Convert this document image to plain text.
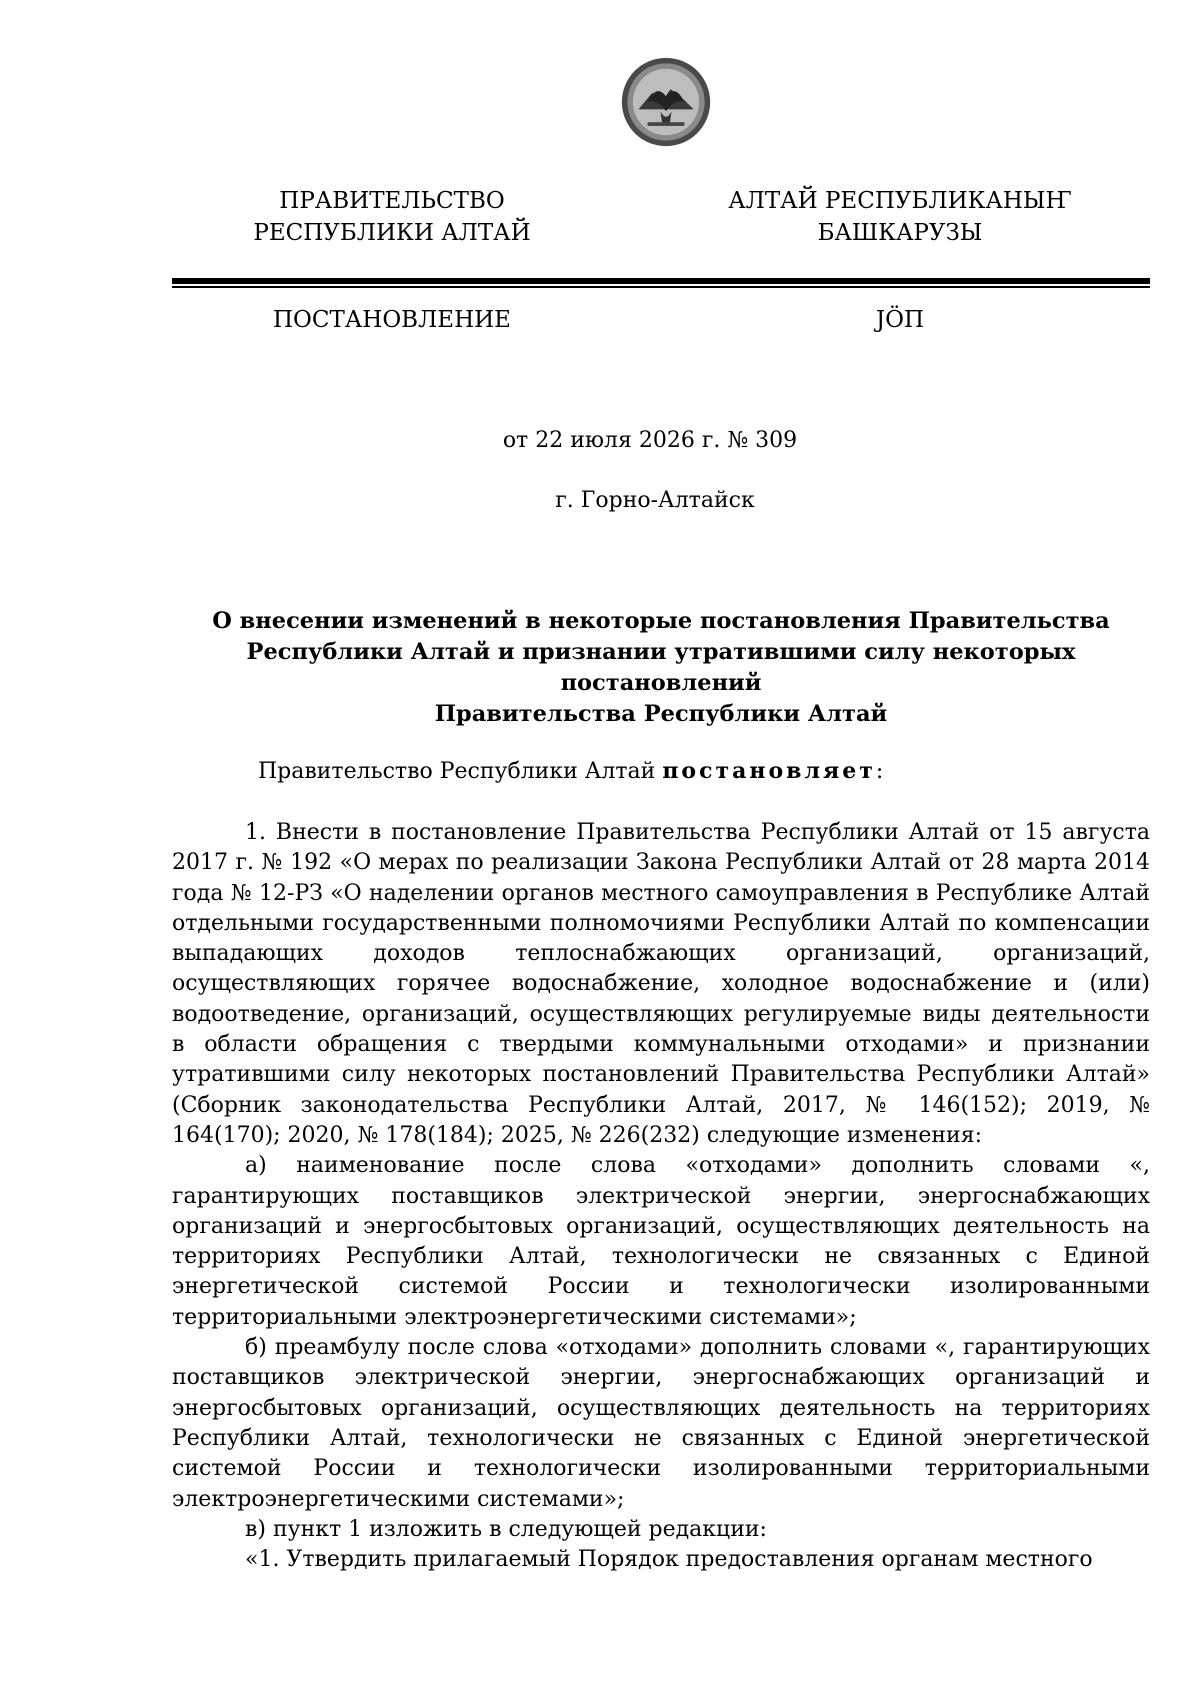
ПРАВИТЕЛЬСТВО
РЕСПУБЛИКИ АЛТАЙ
АЛТАЙ РЕСПУБЛИКАНЫҤ
БАШКАРУЗЫ
ПОСТАНОВЛЕНИЕ	ЈӦП
от 22 июля 2026 г. № 309
г. Горно-Алтайск
О внесении изменений в некоторые постановления Правительства
Республики Алтай и признании утратившими силу некоторых постановлений
Правительства Республики Алтай
Правительство Республики Алтай постановляет:

1. Внести в постановление Правительства Республики Алтай от 15 августа 2017 г. № 192 «О мерах по реализации Закона Республики Алтай от 28 марта 2014 года № 12-РЗ «О наделении органов местного самоуправления в Республике Алтай отдельными государственными полномочиями Республики Алтай по компенсации выпадающих доходов теплоснабжающих организаций, организаций, осуществляющих горячее водоснабжение, холодное водоснабжение и (или) водоотведение, организаций, осуществляющих регулируемые виды деятельности в области обращения с твердыми коммунальными отходами» и признании утратившими силу некоторых постановлений Правительства Республики Алтай» (Сборник законодательства Республики Алтай, 2017, № 146(152); 2019, № 164(170); 2020, № 178(184); 2025, № 226(232) следующие изменения:

а) наименование после слова «отходами» дополнить словами «, гарантирующих поставщиков электрической энергии, энергоснабжающих организаций и энергосбытовых организаций, осуществляющих деятельность на территориях Республики Алтай, технологически не связанных с Единой энергетической системой России и технологически изолированными территориальными электроэнергетическими системами»;

б) преамбулу после слова «отходами» дополнить словами «, гарантирующих поставщиков электрической энергии, энергоснабжающих организаций и энергосбытовых организаций, осуществляющих деятельность на территориях Республики Алтай, технологически не связанных с Единой энергетической системой России и технологически изолированными территориальными электроэнергетическими системами»;

в) пункт 1 изложить в следующей редакции:

«1. Утвердить прилагаемый Порядок предоставления органам местного
